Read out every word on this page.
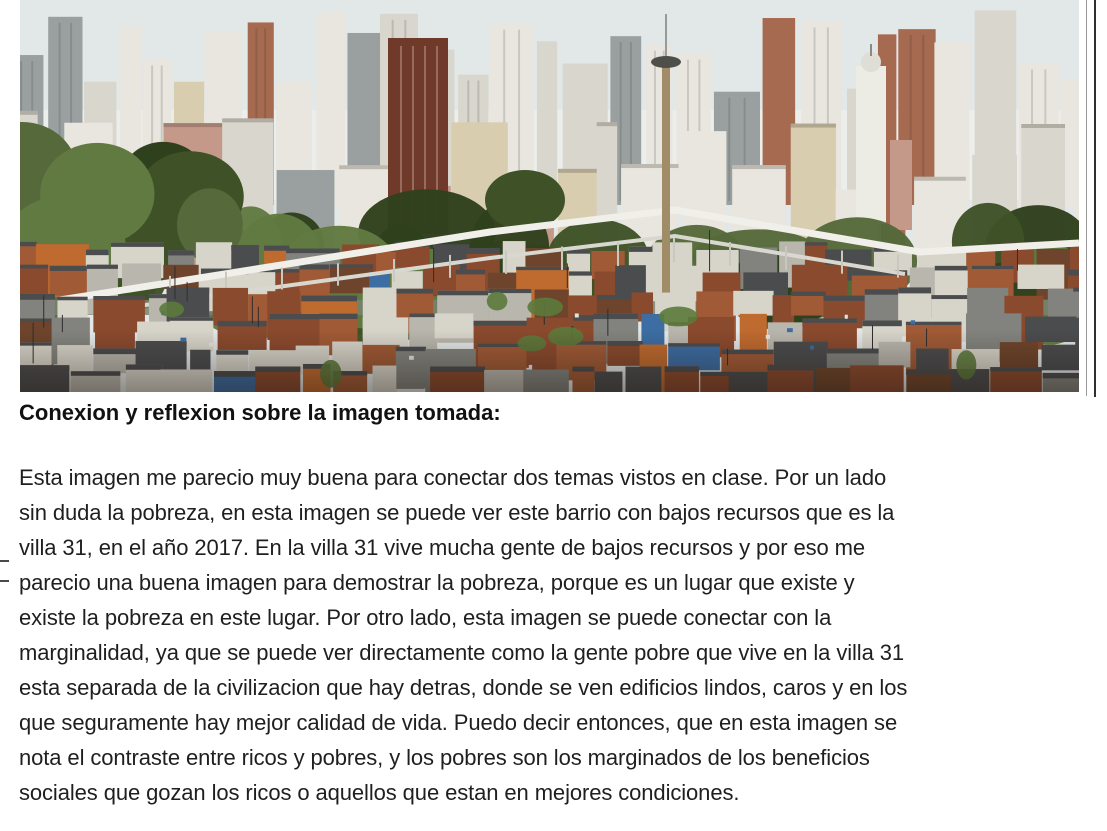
Conexion y reflexion sobre la imagen tomada:
Esta imagen me parecio muy buena para conectar dos temas vistos en clase. Por un lado
sin duda la pobreza, en esta imagen se puede ver este barrio con bajos recursos que es la
villa 31, en el año 2017. En la villa 31 vive mucha gente de bajos recursos y por eso me
parecio una buena imagen para demostrar la pobreza, porque es un lugar que existe y
existe la pobreza en este lugar. Por otro lado, esta imagen se puede conectar con la
marginalidad, ya que se puede ver directamente como la gente pobre que vive en la villa 31
esta separada de la civilizacion que hay detras, donde se ven edificios lindos, caros y en los
que seguramente hay mejor calidad de vida. Puedo decir entonces, que en esta imagen se
nota el contraste entre ricos y pobres, y los pobres son los marginados de los beneficios
sociales que gozan los ricos o aquellos que estan en mejores condiciones.
